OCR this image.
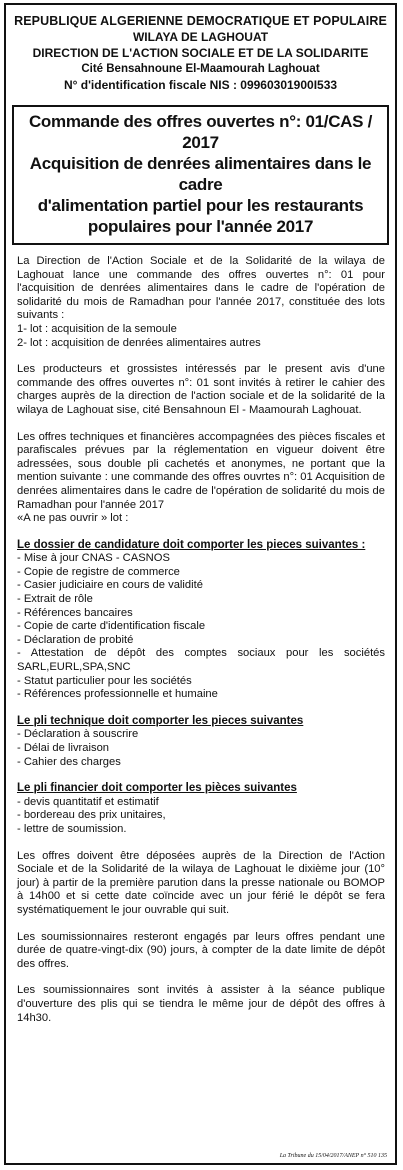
REPUBLIQUE ALGERIENNE DEMOCRATIQUE ET POPULAIRE
WILAYA DE LAGHOUAT
DIRECTION DE L'ACTION SOCIALE ET DE LA SOLIDARITE
Cité Bensahnoune El-Maamourah Laghouat
N° d'identification fiscale NIS : 09960301900I533
Commande des offres ouvertes n°: 01/CAS / 2017
Acquisition de denrées alimentaires dans le cadre
d'alimentation partiel pour les restaurants
populaires pour l'année 2017

La Direction de l'Action Sociale et de la Solidarité de la wilaya de Laghouat lance une commande des offres ouvertes n°: 01 pour l'acquisition de denrées alimentaires dans le cadre de l'opération de solidarité du mois de Ramadhan pour l'année 2017, constituée des lots suivants :

1- lot : acquisition de la semoule

2- lot : acquisition de denrées alimentaires autres

Les producteurs et grossistes intéressés par le present avis d'une commande des offres ouvertes n°: 01 sont invités à retirer le cahier des charges auprès de la direction de l'action sociale et de la solidarité de la wilaya de Laghouat sise, cité Bensahnoun El - Maamourah Laghouat.

Les offres techniques et financières accompagnées des pièces fiscales et parafiscales prévues par la réglementation en vigueur doivent être adressées, sous double pli cachetés et anonymes, ne portant que la mention suivante : une commande des offres ouvrtes n°: 01 Acquisition de denrées alimentaires dans le cadre de l'opération de solidarité du mois de Ramadhan pour l'année 2017

«A ne pas ouvrir » lot :

Le dossier de candidature doit comporter les pieces suivantes :

- Mise à jour CNAS - CASNOS

- Copie de registre de commerce

- Casier judiciaire en cours de validité

- Extrait de rôle

- Références bancaires

- Copie de carte d'identification fiscale

- Déclaration de probité

- Attestation de dépôt des comptes sociaux pour les sociétés SARL,EURL,SPA,SNC

- Statut particulier pour les sociétés

- Références professionnelle et humaine

Le pli technique doit comporter les pieces suivantes

- Déclaration à souscrire

- Délai de livraison

- Cahier des charges

Le pli financier doit comporter les pièces suivantes

- devis quantitatif et estimatif

- bordereau des prix unitaires,

- lettre de soumission.

Les offres doivent être déposées auprès de la Direction de l'Action Sociale et de la Solidarité de la wilaya de Laghouat le dixième jour (10° jour) à partir de la première parution dans la presse nationale ou BOMOP à 14h00 et si cette date coïncide avec un jour férié le dépôt se fera systématiquement le jour ouvrable qui suit.

Les soumissionnaires resteront engagés par leurs offres pendant une durée de quatre-vingt-dix (90) jours, à compter de la date limite de dépôt des offres.

Les soumissionnaires sont invités à assister à la séance publique d'ouverture des plis qui se tiendra le même jour de dépôt des offres à 14h30.

La Tribune du 15/04/2017/ANEP n° 510 135
